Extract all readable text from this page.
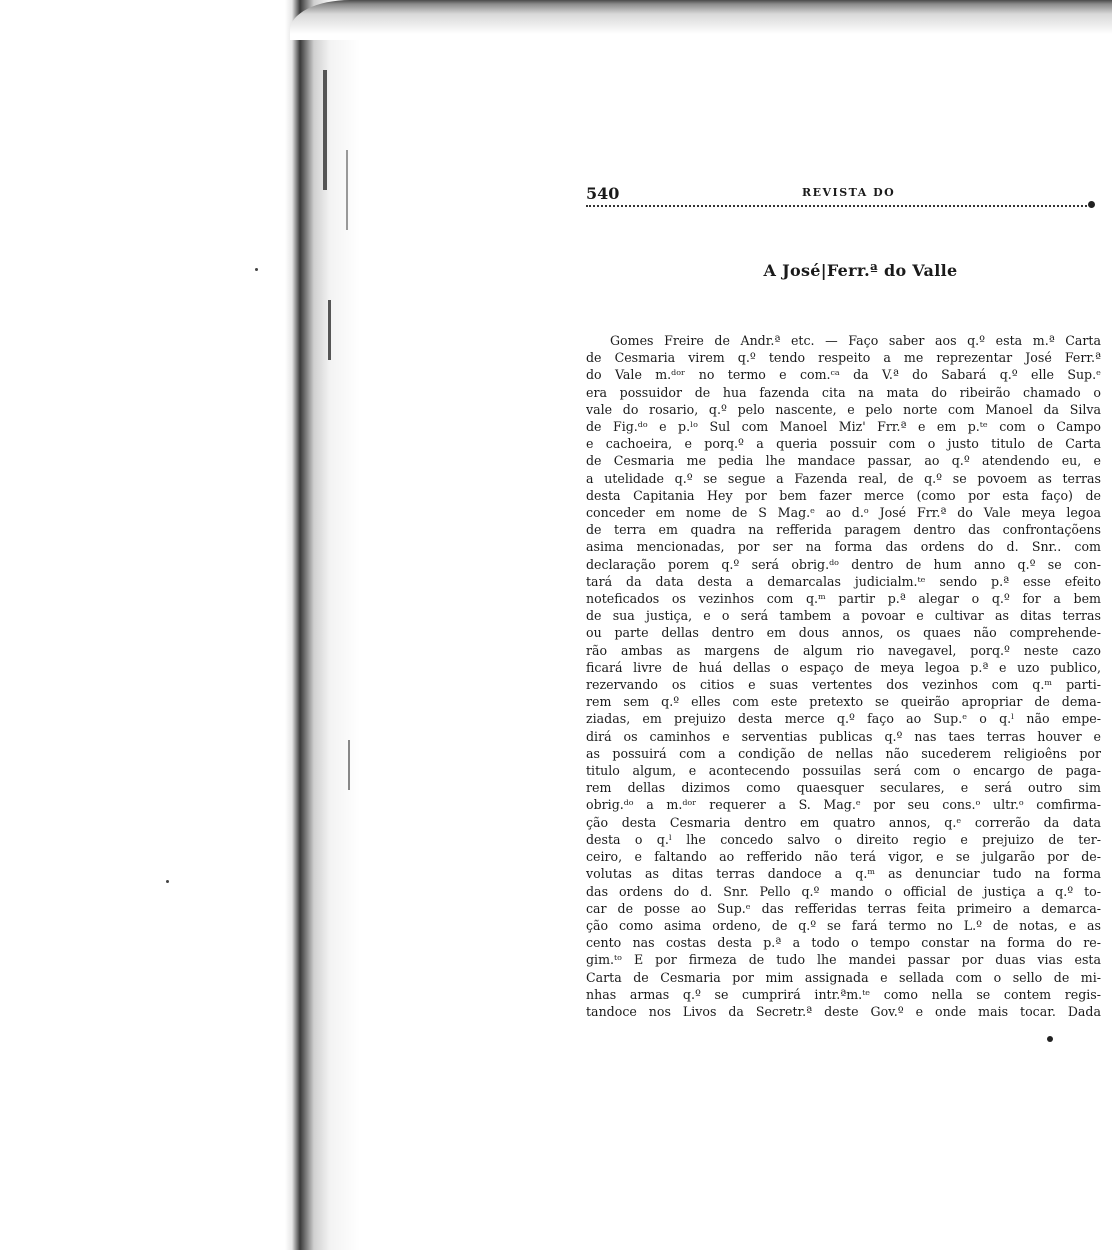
540	REVISTA DO
A José|Ferr.ª do Valle
Gomes Freire de Andr.ª etc. — Faço saber aos q.º esta m.ª Carta
de Cesmaria virem q.º tendo respeito a me reprezentar José Ferr.ª
do Vale m.ᵈᵒʳ no termo e com.ᶜᵃ da V.ª do Sabará q.º elle Sup.ᵉ
era possuidor de hua fazenda cita na mata do ribeirão chamado o
vale do rosario, q.º pelo nascente, e pelo norte com Manoel da Silva
de Fig.ᵈᵒ e p.ˡᵒ Sul com Manoel Miz' Frr.ª e em p.ᵗᵉ com o Campo
e cachoeira, e porq.º a queria possuir com o justo titulo de Carta
de Cesmaria me pedia lhe mandace passar, ao q.º atendendo eu, e
a utelidade q.º se segue a Fazenda real, de q.º se povoem as terras
desta Capitania Hey por bem fazer merce (como por esta faço) de
conceder em nome de S Mag.ᵉ ao d.ᵒ José Frr.ª do Vale meya legoa
de terra em quadra na refferida paragem dentro das confrontaçõens
asima mencionadas, por ser na forma das ordens do d. Snr.. com
declaração porem q.º será obrig.ᵈᵒ dentro de hum anno q.º se con-
tará da data desta a demarcalas judicialm.ᵗᵉ sendo p.ª esse efeito
noteficados os vezinhos com q.ᵐ partir p.ª alegar o q.º for a bem
de sua justiça, e o será tambem a povoar e cultivar as ditas terras
ou parte dellas dentro em dous annos, os quaes não comprehende-
rão ambas as margens de algum rio navegavel, porq.º neste cazo
ficará livre de huá dellas o espaço de meya legoa p.ª e uzo publico,
rezervando os citios e suas vertentes dos vezinhos com q.ᵐ parti-
rem sem q.º elles com este pretexto se queirão apropriar de dema-
ziadas, em prejuizo desta merce q.º faço ao Sup.ᵉ o q.ˡ não empe-
dirá os caminhos e serventias publicas q.º nas taes terras houver e
as possuirá com a condição de nellas não sucederem religioêns por
titulo algum, e acontecendo possuilas será com o encargo de paga-
rem dellas dizimos como quaesquer seculares, e será outro sim
obrig.ᵈᵒ a m.ᵈᵒʳ requerer a S. Mag.ᵉ por seu cons.ᵒ ultr.ᵒ comfirma-
ção desta Cesmaria dentro em quatro annos, q.ᵉ correrão da data
desta o q.ˡ lhe concedo salvo o direito regio e prejuizo de ter-
ceiro, e faltando ao refferido não terá vigor, e se julgarão por de-
volutas as ditas terras dandoce a q.ᵐ as denunciar tudo na forma
das ordens do d. Snr. Pello q.º mando o official de justiça a q.º to-
car de posse ao Sup.ᵉ das refferidas terras feita primeiro a demarca-
ção como asima ordeno, de q.º se fará termo no L.º de notas, e as
cento nas costas desta p.ª a todo o tempo constar na forma do re-
gim.ᵗᵒ E por firmeza de tudo lhe mandei passar por duas vias esta
Carta de Cesmaria por mim assignada e sellada com o sello de mi-
nhas armas q.º se cumprirá intr.ªm.ᵗᵉ como nella se contem regis-
tandoce nos Livos da Secretr.ª deste Gov.º e onde mais tocar. Dada
